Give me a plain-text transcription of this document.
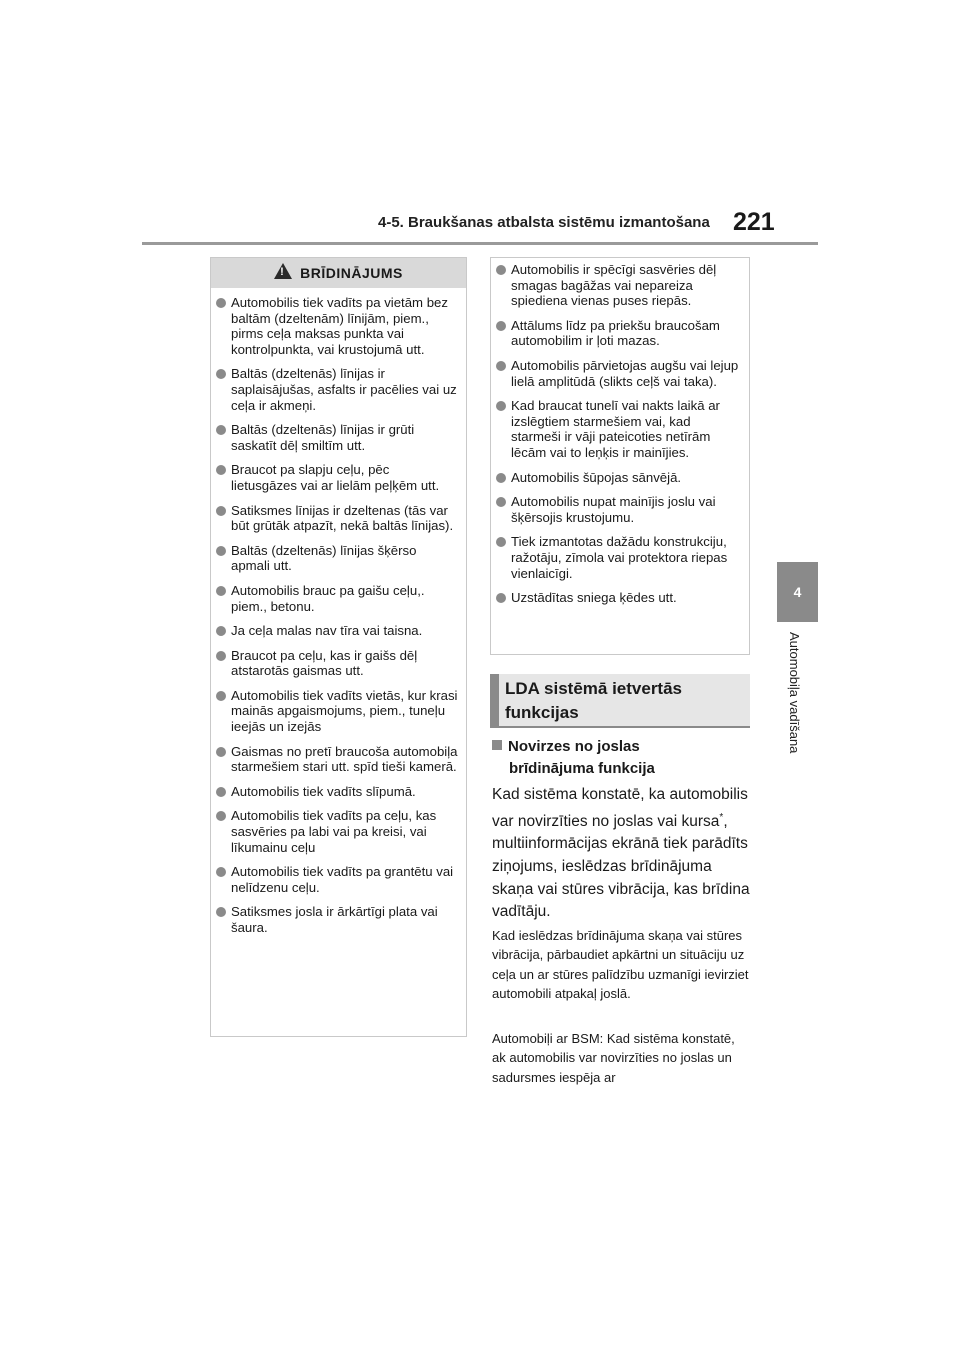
4-5. Braukšanas atbalsta sistēmu izmantošana 221
4
Automobiļa vadīšana
!
BRĪDINĀJUMS
Automobilis tiek vadīts pa vietām bez baltām (dzeltenām) līnijām, piem., pirms ceļa maksas punkta vai kontrolpunkta, vai krustojumā utt.
Baltās (dzeltenās) līnijas ir saplaisājušas, asfalts ir pacēlies vai uz ceļa ir akmeņi.
Baltās (dzeltenās) līnijas ir grūti saskatīt dēļ smiltīm utt.
Braucot pa slapju ceļu, pēc lietusgāzes vai ar lielām peļķēm utt.
Satiksmes līnijas ir dzeltenas (tās var būt grūtāk atpazīt, nekā baltās līnijas).
Baltās (dzeltenās) līnijas šķērso apmali utt.
Automobilis brauc pa gaišu ceļu,. piem., betonu.
Ja ceļa malas nav tīra vai taisna.
Braucot pa ceļu, kas ir gaišs dēļ atstarotās gaismas utt.
Automobilis tiek vadīts vietās, kur krasi mainās apgaismojums, piem., tuneļu ieejās un izejās
Gaismas no pretī braucoša automobiļa starmešiem stari utt. spīd tieši kamerā.
Automobilis tiek vadīts slīpumā.
Automobilis tiek vadīts pa ceļu, kas sasvēries pa labi vai pa kreisi, vai līkumainu ceļu
Automobilis tiek vadīts pa grantētu vai nelīdzenu ceļu.
Satiksmes josla ir ārkārtīgi plata vai šaura.
Automobilis ir spēcīgi sasvēries dēļ smagas bagāžas vai nepareiza spiediena vienas puses riepās.
Attālums līdz pa priekšu braucošam automobilim ir ļoti mazas.
Automobilis pārvietojas augšu vai lejup lielā amplitūdā (slikts ceļš vai taka).
Kad braucat tunelī vai nakts laikā ar izslēgtiem starmešiem vai, kad starmeši ir vāji pateicoties netīrām lēcām vai to leņķis ir mainījies.
Automobilis šūpojas sānvējā.
Automobilis nupat mainījis joslu vai šķērsojis krustojumu.
Tiek izmantotas dažādu konstrukciju, ražotāju, zīmola vai protektora riepas vienlaicīgi.
Uzstādītas sniega ķēdes utt.
LDA sistēmā ietvertās funkcijas
Novirzes no joslas
brīdinājuma funkcija
Kad sistēma konstatē, ka automobilis var novirzīties no joslas vai kursa*, multiinformācijas ekrānā tiek parādīts ziņojums, ieslēdzas brīdinājuma skaņa vai stūres vibrācija, kas brīdina vadītāju.
Kad ieslēdzas brīdinājuma skaņa vai stūres vibrācija, pārbaudiet apkārtni un situāciju uz ceļa un ar stūres palīdzību uzmanīgi ievirziet automobili atpakaļ joslā.
Automobiļi ar BSM: Kad sistēma konstatē, ak automobilis var novirzīties no joslas un sadursmes iespēja ar
